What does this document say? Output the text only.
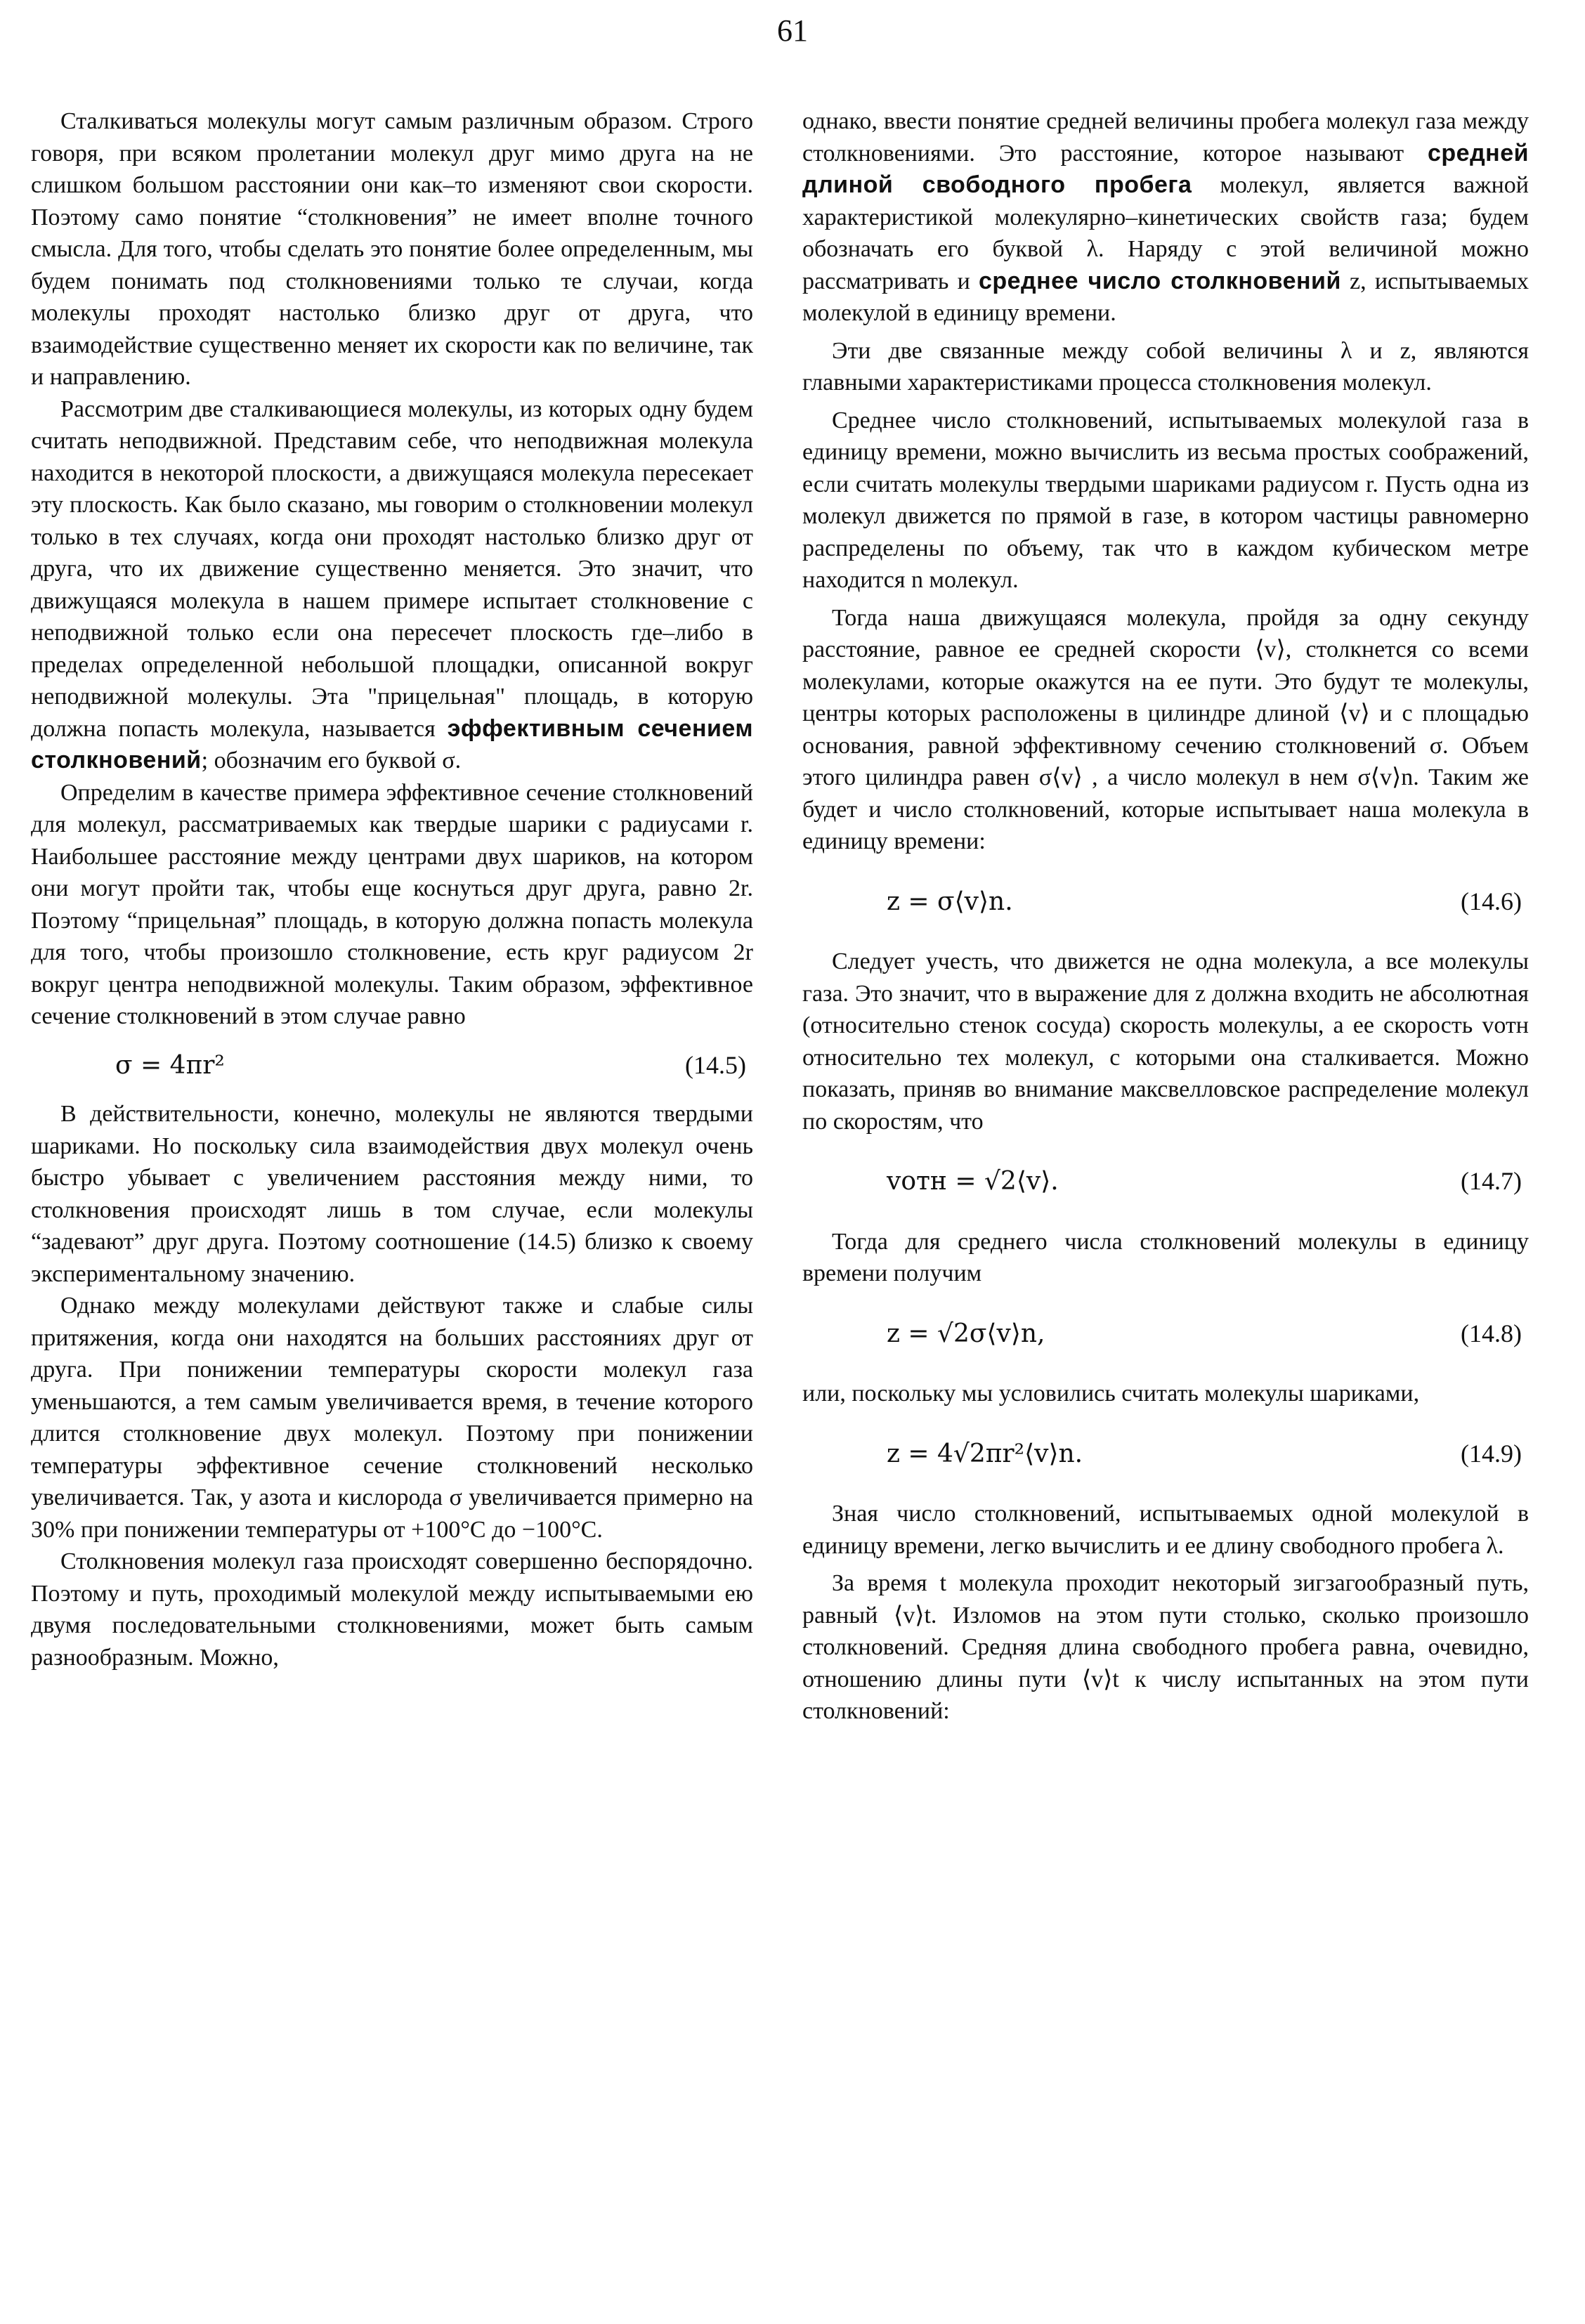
61

Сталкиваться молекулы могут самым различным образом. Строго говоря, при всяком пролетании молекул друг мимо друга на не слишком большом расстоянии они как–то изменяют свои скорости. Поэтому само понятие “столкновения” не имеет вполне точного смысла. Для того, чтобы сделать это понятие более определенным, мы будем понимать под столкновениями только те случаи, когда молекулы проходят настолько близко друг от друга, что взаимодействие существенно меняет их скорости как по величине, так и направлению.

Рассмотрим две сталкивающиеся молекулы, из которых одну будем считать неподвижной. Представим себе, что неподвижная молекула находится в некоторой плоскости, а движущаяся молекула пересекает эту плоскость. Как было сказано, мы говорим о столкновении молекул только в тех случаях, когда они проходят настолько близко друг от друга, что их движение существенно меняется. Это значит, что движущаяся молекула в нашем примере испытает столкновение с неподвижной только если она пересечет плоскость где–либо в пределах определенной небольшой площадки, описанной вокруг неподвижной молекулы. Эта "прицельная" площадь, в которую должна попасть молекула, называется эффективным сечением столкновений; обозначим его буквой σ.

Определим в качестве примера эффективное сечение столкновений для молекул, рассматриваемых как твердые шарики с радиусами r. Наибольшее расстояние между центрами двух шариков, на котором они могут пройти так, чтобы еще коснуться друг друга, равно 2r. Поэтому “прицельная” площадь, в которую должна попасть молекула для того, чтобы произошло столкновение, есть круг радиусом 2r вокруг центра неподвижной молекулы. Таким образом, эффективное сечение столкновений в этом случае равно

σ = 4πr²	(14.5)

В действительности, конечно, молекулы не являются твердыми шариками. Но поскольку сила взаимодействия двух молекул очень быстро убывает с увеличением расстояния между ними, то столкновения происходят лишь в том случае, если молекулы “задевают” друг друга. Поэтому соотношение (14.5) близко к своему экспериментальному значению.

Однако между молекулами действуют также и слабые силы притяжения, когда они находятся на больших расстояниях друг от друга. При понижении температуры скорости молекул газа уменьшаются, а тем самым увеличивается время, в течение которого длится столкновение двух молекул. Поэтому при понижении температуры эффективное сечение столкновений несколько увеличивается. Так, у азота и кислорода σ увеличивается примерно на 30% при понижении температуры от +100°C до −100°C.

Столкновения молекул газа происходят совершенно беспорядочно. Поэтому и путь, проходимый молекулой между испытываемыми ею двумя последовательными столкновениями, может быть самым разнообразным. Можно,

однако, ввести понятие средней величины пробега молекул газа между столкновениями. Это расстояние, которое называют средней длиной свободного пробега молекул, является важной характеристикой молекулярно–кинетических свойств газа; будем обозначать его буквой λ. Наряду с этой величиной можно рассматривать и среднее число столкновений z, испытываемых молекулой в единицу времени.

Эти две связанные между собой величины λ и z, являются главными характеристиками процесса столкновения молекул.

Среднее число столкновений, испытываемых молекулой газа в единицу времени, можно вычислить из весьма простых соображений, если считать молекулы твердыми шариками радиусом r. Пусть одна из молекул движется по прямой в газе, в котором частицы равномерно распределены по объему, так что в каждом кубическом метре находится n молекул.

Тогда наша движущаяся молекула, пройдя за одну секунду расстояние, равное ее средней скорости ⟨v⟩, столкнется со всеми молекулами, которые окажутся на ее пути. Это будут те молекулы, центры которых расположены в цилиндре длиной ⟨v⟩ и с площадью основания, равной эффективному сечению столкновений σ. Объем этого цилиндра равен σ⟨v⟩ , а число молекул в нем σ⟨v⟩n. Таким же будет и число столкновений, которые испытывает наша молекула в единицу времени:

z = σ⟨v⟩n.	(14.6)

Следует учесть, что движется не одна молекула, а все молекулы газа. Это значит, что в выражение для z должна входить не абсолютная (относительно стенок сосуда) скорость молекулы, а ее скорость vотн относительно тех молекул, с которыми она сталкивается. Можно показать, приняв во внимание максвелловское распределение молекул по скоростям, что

vотн = √2⟨v⟩.	(14.7)

Тогда для среднего числа столкновений молекулы в единицу времени получим

z = √2σ⟨v⟩n,	(14.8)

или, поскольку мы условились считать молекулы шариками,

z = 4√2πr²⟨v⟩n.	(14.9)

Зная число столкновений, испытываемых одной молекулой в единицу времени, легко вычислить и ее длину свободного пробега λ.

За время t молекула проходит некоторый зигзагообразный путь, равный ⟨v⟩t. Изломов на этом пути столько, сколько произошло столкновений. Средняя длина свободного пробега равна, очевидно, отношению длины пути ⟨v⟩t к числу испытанных на этом пути столкновений:
